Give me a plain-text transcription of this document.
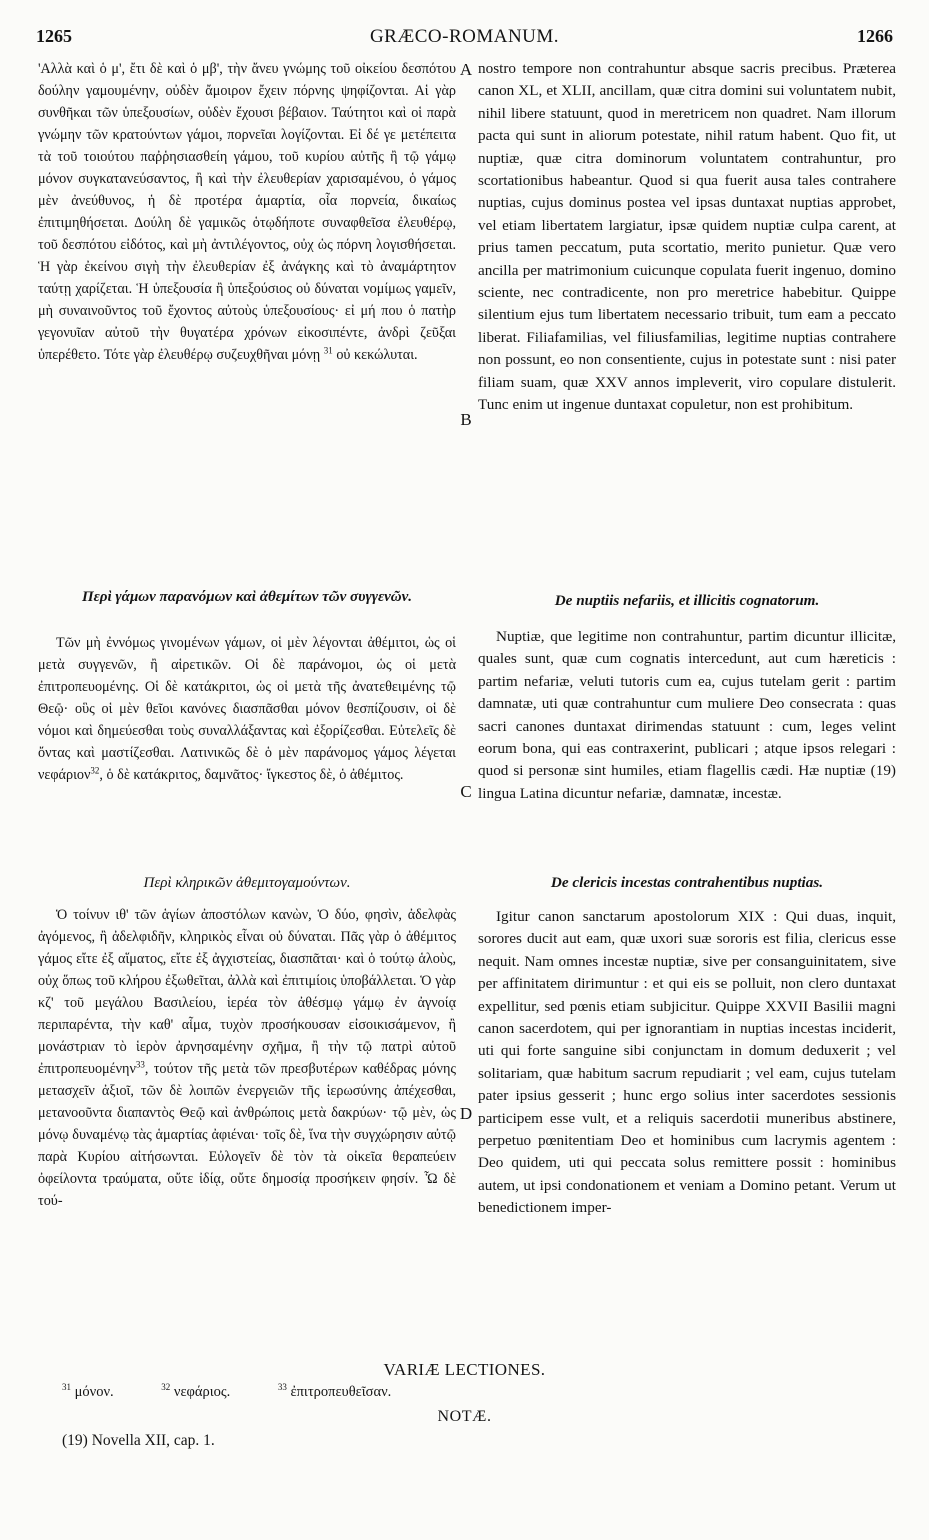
1265	GRÆCO-ROMANUM.	1266

'Αλλὰ καὶ ὁ μ', ἔτι δὲ καὶ ὁ μβ', τὴν ἄνευ γνώμης τοῦ οἰκείου δεσπότου δούλην γαμουμένην, οὐδὲν ἄμοιρον ἔχειν πόρνης ψηφίζονται. Αἱ γὰρ συνθῆκαι τῶν ὑπεξουσίων, οὐδὲν ἔχουσι βέβαιον. Ταύτητοι καὶ οἱ παρὰ γνώμην τῶν κρατούντων γάμοι, πορνεῖαι λογίζονται. Εἰ δέ γε μετέπειτα τὰ τοῦ τοιούτου παῤῥησιασθείη γάμου, τοῦ κυρίου αὐτῆς ἢ τῷ γάμῳ μόνον συγκατανεύσαντος, ἢ καὶ τὴν ἐλευθερίαν χαρισαμένου, ὁ γάμος μὲν ἀνεύθυνος, ἡ δὲ προτέρα ἁμαρτία, οἷα πορνεία, δικαίως ἐπιτιμηθήσεται. Δούλη δὲ γαμικῶς ὁτῳδήποτε συναφθεῖσα ἐλευθέρῳ, τοῦ δεσπότου εἰδότος, καὶ μὴ ἀντιλέγοντος, οὐχ ὡς πόρνη λογισθήσεται. Ἡ γὰρ ἐκείνου σιγὴ τὴν ἐλευθερίαν ἐξ ἀνάγκης καὶ τὸ ἀναμάρτητον ταύτῃ χαρίζεται. Ἡ ὑπεξουσία ἢ ὑπεξούσιος οὐ δύναται νομίμως γαμεῖν, μὴ συναινοῦντος τοῦ ἔχοντος αὐτοὺς ὑπεξουσίους· εἰ μή που ὁ πατὴρ γεγονυῖαν αὐτοῦ τὴν θυγατέρα χρόνων εἰκοσιπέντε, ἀνδρὶ ζεῦξαι ὑπερέθετο. Τότε γὰρ ἐλευθέρῳ συζευχθῆναι μόνῃ $^{31}$ οὐ κεκώλυται.

Περὶ γάμων παρανόμων καὶ ἀθεμίτων τῶν συγγενῶν.

Τῶν μὴ ἐννόμως γινομένων γάμων, οἱ μὲν λέγονται ἀθέμιτοι, ὡς οἱ μετὰ συγγενῶν, ἢ αἱρετικῶν. Οἱ δὲ παράνομοι, ὡς οἱ μετὰ ἐπιτροπευομένης. Οἱ δὲ κατάκριτοι, ὡς οἱ μετὰ τῆς ἀνατεθειμένης τῷ Θεῷ· οὓς οἱ μὲν θεῖοι κανόνες διασπᾶσθαι μόνον θεσπίζουσιν, οἱ δὲ νόμοι καὶ δημεύεσθαι τοὺς συναλλάξαντας καὶ ἐξορίζεσθαι. Εὐτελεῖς δὲ ὄντας καὶ μαστίζεσθαι. Λατινικῶς δὲ ὁ μὲν παράνομος γάμος λέγεται νεφάριον$^{32}$, ὁ δὲ κατάκριτος, δαμνᾶτος· ἴγκεστος δὲ, ὁ ἀθέμιτος.

Περὶ κληρικῶν ἀθεμιτογαμούντων.

Ὁ τοίνυν ιθ' τῶν ἁγίων ἀποστόλων κανὼν, Ὁ δύο, φησὶν, ἀδελφὰς ἀγόμενος, ἢ ἀδελφιδῆν, κληρικὸς εἶναι οὐ δύναται. Πᾶς γὰρ ὁ ἀθέμιτος γάμος εἴτε ἐξ αἵματος, εἴτε ἐξ ἀγχιστείας, διασπᾶται· καὶ ὁ τούτῳ ἁλοὺς, οὐχ ὅπως τοῦ κλήρου ἐξωθεῖται, ἀλλὰ καὶ ἐπιτιμίοις ὑποβάλλεται. Ὁ γὰρ κζ' τοῦ μεγάλου Βασιλείου, ἱερέα τὸν ἀθέσμῳ γάμῳ ἐν ἀγνοίᾳ περιπαρέντα, τὴν καθ' αἷμα, τυχὸν προσήκουσαν εἰσοικισάμενον, ἢ μονάστριαν τὸ ἱερὸν ἀρνησαμένην σχῆμα, ἢ τὴν τῷ πατρὶ αὐτοῦ ἐπιτροπευομένην$^{33}$, τούτον τῆς μετὰ τῶν πρεσβυτέρων καθέδρας μόνης μετασχεῖν ἀξιοῖ, τῶν δὲ λοιπῶν ἐνεργειῶν τῆς ἱερωσύνης ἀπέχεσθαι, μετανοοῦντα διαπαντὸς Θεῷ καὶ ἀνθρώποις μετὰ δακρύων· τῷ μὲν, ὡς μόνῳ δυναμένῳ τὰς ἁμαρτίας ἀφιέναι· τοῖς δὲ, ἵνα τὴν συγχώρησιν αὐτῷ παρὰ Κυρίου αἰτήσωνται. Εὐλογεῖν δὲ τὸν τὰ οἰκεῖα θεραπεύειν ὀφείλοντα τραύματα, οὔτε ἰδίᾳ, οὔτε δημοσίᾳ προσήκειν φησίν. Ὧ δὲ τού-

A
B
C
D

nostro tempore non contrahuntur absque sacris precibus. Præterea canon XL, et XLII, ancillam, quæ citra domini sui voluntatem nubit, nihil libere statuunt, quod in meretricem non quadret. Nam illorum pacta qui sunt in aliorum potestate, nihil ratum habent. Quo fit, ut nuptiæ, quæ citra dominorum voluntatem contrahuntur, pro scortationibus habeantur. Quod si qua fuerit ausa tales contrahere nuptias, cujus dominus postea vel ipsas duntaxat nuptias approbet, vel etiam libertatem largiatur, ipsæ quidem nuptiæ culpa carent, at prius tamen peccatum, puta scortatio, merito punietur. Quæ vero ancilla per matrimonium cuicunque copulata fuerit ingenuo, domino sciente, nec contradicente, non pro meretrice habebitur. Quippe silentium ejus tum libertatem necessario tribuit, tum eam a peccato liberat. Filiafamilias, vel filiusfamilias, legitime nuptias contrahere non possunt, eo non consentiente, cujus in potestate sunt : nisi pater filiam suam, quæ XXV annos impleverit, viro copulare distulerit. Tunc enim ut ingenue duntaxat copuletur, non est prohibitum.

De nuptiis nefariis, et illicitis cognatorum.

Nuptiæ, que legitime non contrahuntur, partim dicuntur illicitæ, quales sunt, quæ cum cognatis intercedunt, aut cum hæreticis : partim nefariæ, veluti tutoris cum ea, cujus tutelam gerit : partim damnatæ, uti quæ contrahuntur cum muliere Deo consecrata : quas sacri canones duntaxat dirimendas statuunt : cum, leges velint eorum bona, qui eas contraxerint, publicari ; atque ipsos relegari : quod si personæ sint humiles, etiam flagellis cædi. Hæ nuptiæ (19) lingua Latina dicuntur nefariæ, damnatæ, incestæ.

De clericis incestas contrahentibus nuptias.

Igitur canon sanctarum apostolorum XIX : Qui duas, inquit, sorores ducit aut eam, quæ uxori suæ sororis est filia, clericus esse nequit. Nam omnes incestæ nuptiæ, sive per consanguinitatem, sive per affinitatem dirimuntur : et qui eis se polluit, non clero duntaxat expellitur, sed pœnis etiam subjicitur. Quippe XXVII Basilii magni canon sacerdotem, qui per ignorantiam in nuptias incestas inciderit, uti qui forte sanguine sibi conjunctam in domum deduxerit ; vel solitariam, quæ habitum sacrum repudiarit ; vel eam, cujus tutelam pater ipsius gesserit ; hunc ergo solius inter sacerdotes sessionis participem esse vult, et a reliquis sacerdotii muneribus abstinere, perpetuo pœnitentiam Deo et hominibus cum lacrymis agentem : Deo quidem, uti qui peccata solus remittere possit : hominibus autem, ut ipsi condonationem et veniam a Domino petant. Verum ut benedictionem imper-

VARIÆ LECTIONES.
$^{31}$ μόνον.	$^{32}$ νεφάριος.	$^{33}$ ἐπιτροπευθεῖσαν.
NOTÆ.
(19) Novella XII, cap. 1.
